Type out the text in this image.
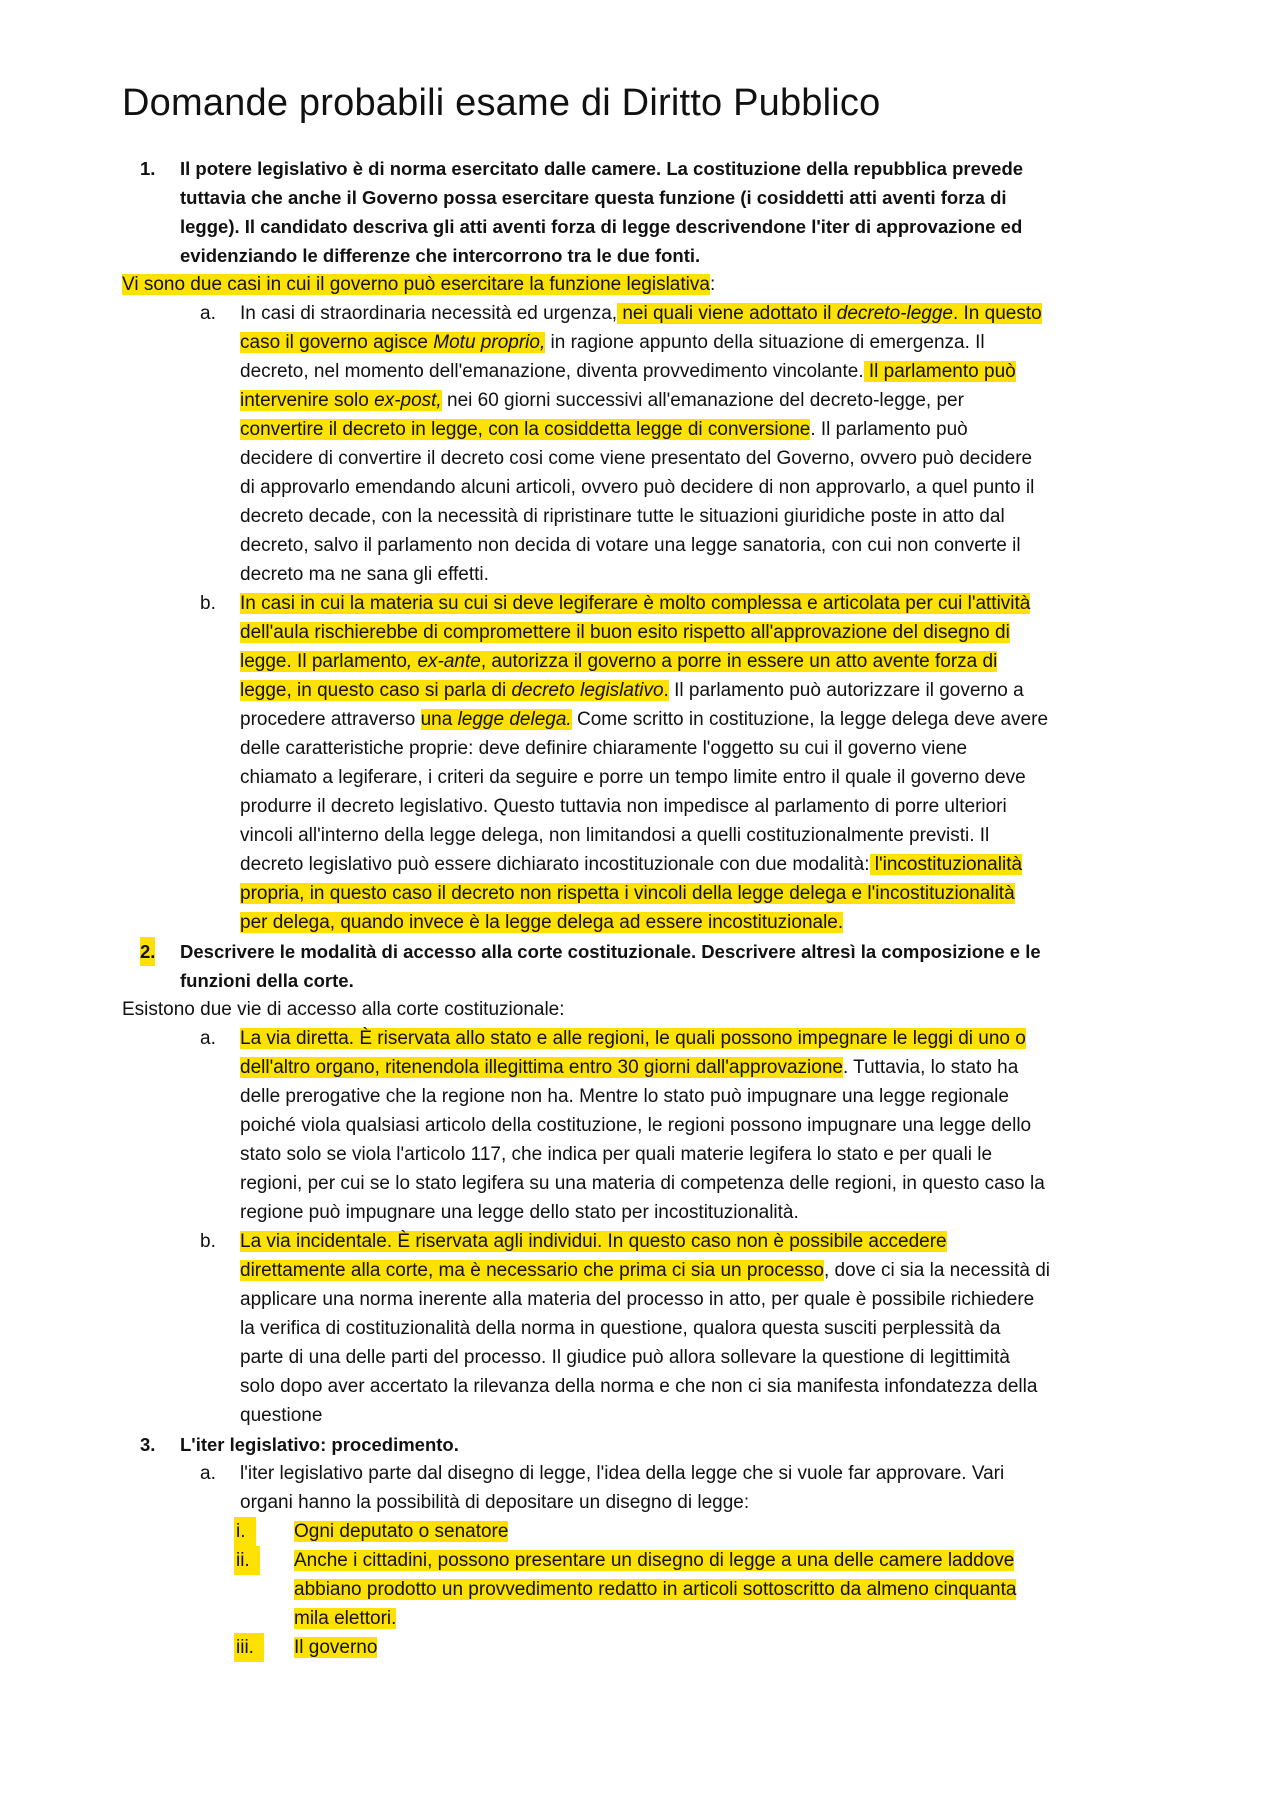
Domande probabili esame di Diritto Pubblico
1. Il potere legislativo è di norma esercitato dalle camere. La costituzione della repubblica prevede
tuttavia che anche il Governo possa esercitare questa funzione (i cosiddetti atti aventi forza di
legge). Il candidato descriva gli atti aventi forza di legge descrivendone l'iter di approvazione ed
evidenziando le differenze che intercorrono tra le due fonti.
Vi sono due casi in cui il governo può esercitare la funzione legislativa:
a. In casi di straordinaria necessità ed urgenza, nei quali viene adottato il decreto-legge. In questo
caso il governo agisce Motu proprio, in ragione appunto della situazione di emergenza. Il
decreto, nel momento dell'emanazione, diventa provvedimento vincolante. Il parlamento può
intervenire solo ex-post, nei 60 giorni successivi all'emanazione del decreto-legge, per
convertire il decreto in legge, con la cosiddetta legge di conversione. Il parlamento può
decidere di convertire il decreto cosi come viene presentato del Governo, ovvero può decidere
di approvarlo emendando alcuni articoli, ovvero può decidere di non approvarlo, a quel punto il
decreto decade, con la necessità di ripristinare tutte le situazioni giuridiche poste in atto dal
decreto, salvo il parlamento non decida di votare una legge sanatoria, con cui non converte il
decreto ma ne sana gli effetti.
b. In casi in cui la materia su cui si deve legiferare è molto complessa e articolata per cui l'attività
dell'aula rischierebbe di compromettere il buon esito rispetto all'approvazione del disegno di
legge. Il parlamento, ex-ante, autorizza il governo a porre in essere un atto avente forza di
legge, in questo caso si parla di decreto legislativo. Il parlamento può autorizzare il governo a
procedere attraverso una legge delega. Come scritto in costituzione, la legge delega deve avere
delle caratteristiche proprie: deve definire chiaramente l'oggetto su cui il governo viene
chiamato a legiferare, i criteri da seguire e porre un tempo limite entro il quale il governo deve
produrre il decreto legislativo. Questo tuttavia non impedisce al parlamento di porre ulteriori
vincoli all'interno della legge delega, non limitandosi a quelli costituzionalmente previsti. Il
decreto legislativo può essere dichiarato incostituzionale con due modalità: l'incostituzionalità
propria, in questo caso il decreto non rispetta i vincoli della legge delega e l'incostituzionalità
per delega, quando invece è la legge delega ad essere incostituzionale.
2. Descrivere le modalità di accesso alla corte costituzionale. Descrivere altresì la composizione e le
funzioni della corte.
Esistono due vie di accesso alla corte costituzionale:
a. La via diretta. È riservata allo stato e alle regioni, le quali possono impegnare le leggi di uno o
dell'altro organo, ritenendola illegittima entro 30 giorni dall'approvazione. Tuttavia, lo stato ha
delle prerogative che la regione non ha. Mentre lo stato può impugnare una legge regionale
poiché viola qualsiasi articolo della costituzione, le regioni possono impugnare una legge dello
stato solo se viola l'articolo 117, che indica per quali materie legifera lo stato e per quali le
regioni, per cui se lo stato legifera su una materia di competenza delle regioni, in questo caso la
regione può impugnare una legge dello stato per incostituzionalità.
b. La via incidentale. È riservata agli individui. In questo caso non è possibile accedere
direttamente alla corte, ma è necessario che prima ci sia un processo, dove ci sia la necessità di
applicare una norma inerente alla materia del processo in atto, per quale è possibile richiedere
la verifica di costituzionalità della norma in questione, qualora questa susciti perplessità da
parte di una delle parti del processo. Il giudice può allora sollevare la questione di legittimità
solo dopo aver accertato la rilevanza della norma e che non ci sia manifesta infondatezza della
questione
3. L'iter legislativo: procedimento.
a. l'iter legislativo parte dal disegno di legge, l'idea della legge che si vuole far approvare. Vari
organi hanno la possibilità di depositare un disegno di legge:
i.	Ogni deputato o senatore
ii.	Anche i cittadini, possono presentare un disegno di legge a una delle camere laddove
abbiano prodotto un provvedimento redatto in articoli sottoscritto da almeno cinquanta
mila elettori.
iii.	Il governo
